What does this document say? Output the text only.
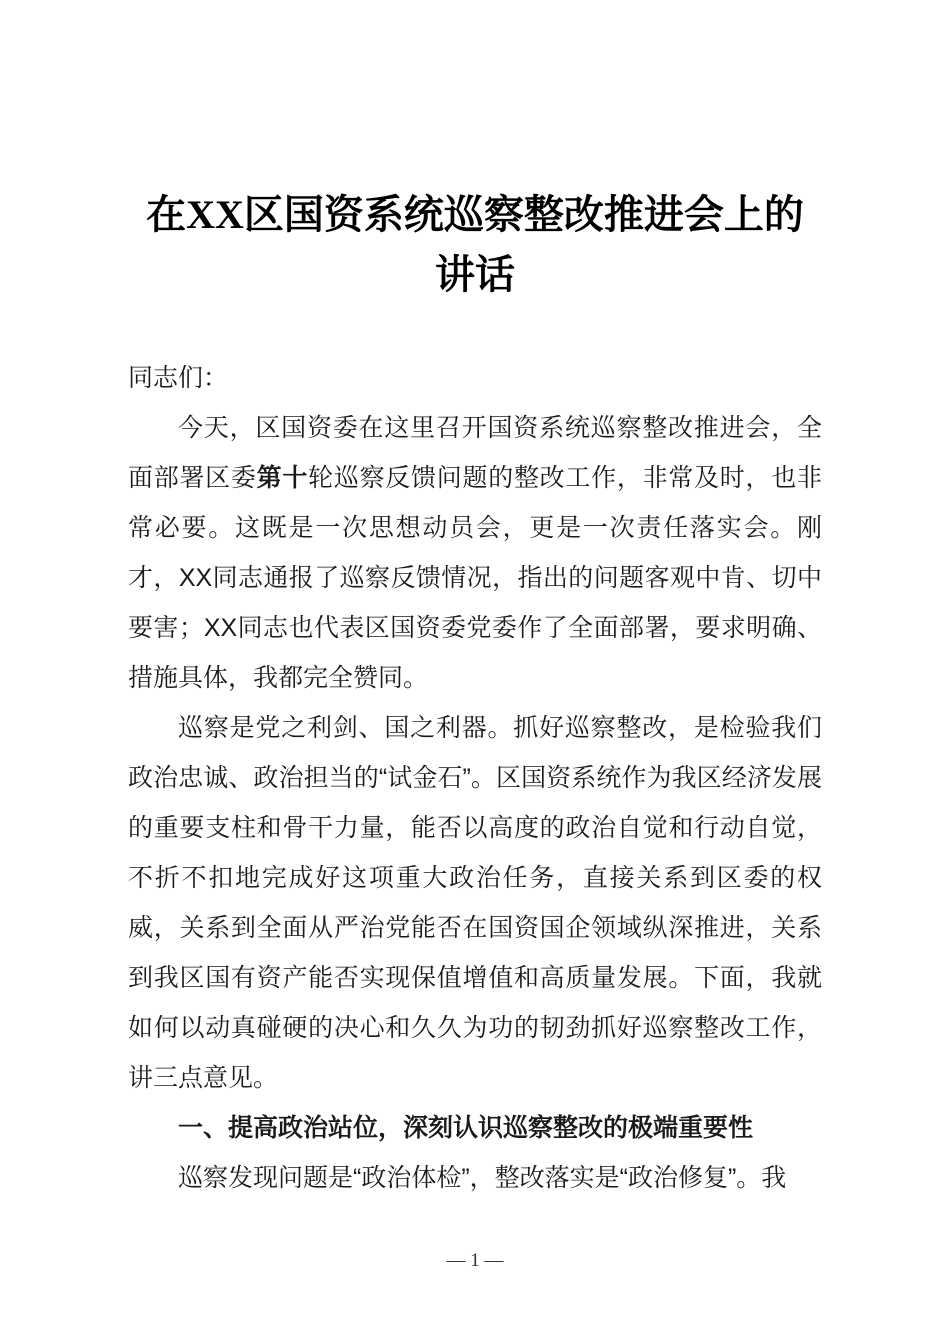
在XX区国资系统巡察整改推进会上的讲话

同志们：

今天，区国资委在这里召开国资系统巡察整改推进会，全面部署区委第十轮巡察反馈问题的整改工作，非常及时，也非常必要。这既是一次思想动员会，更是一次责任落实会。刚才，XX同志通报了巡察反馈情况，指出的问题客观中肯、切中要害；XX同志也代表区国资委党委作了全面部署，要求明确、措施具体，我都完全赞同。

巡察是党之利剑、国之利器。抓好巡察整改，是检验我们政治忠诚、政治担当的“试金石”。区国资系统作为我区经济发展的重要支柱和骨干力量，能否以高度的政治自觉和行动自觉，不折不扣地完成好这项重大政治任务，直接关系到区委的权威，关系到全面从严治党能否在国资国企领域纵深推进，关系到我区国有资产能否实现保值增值和高质量发展。下面，我就如何以动真碰硬的决心和久久为功的韧劲抓好巡察整改工作，讲三点意见。

一、提高政治站位，深刻认识巡察整改的极端重要性

巡察发现问题是“政治体检”，整改落实是“政治修复”。我

— 1 —
